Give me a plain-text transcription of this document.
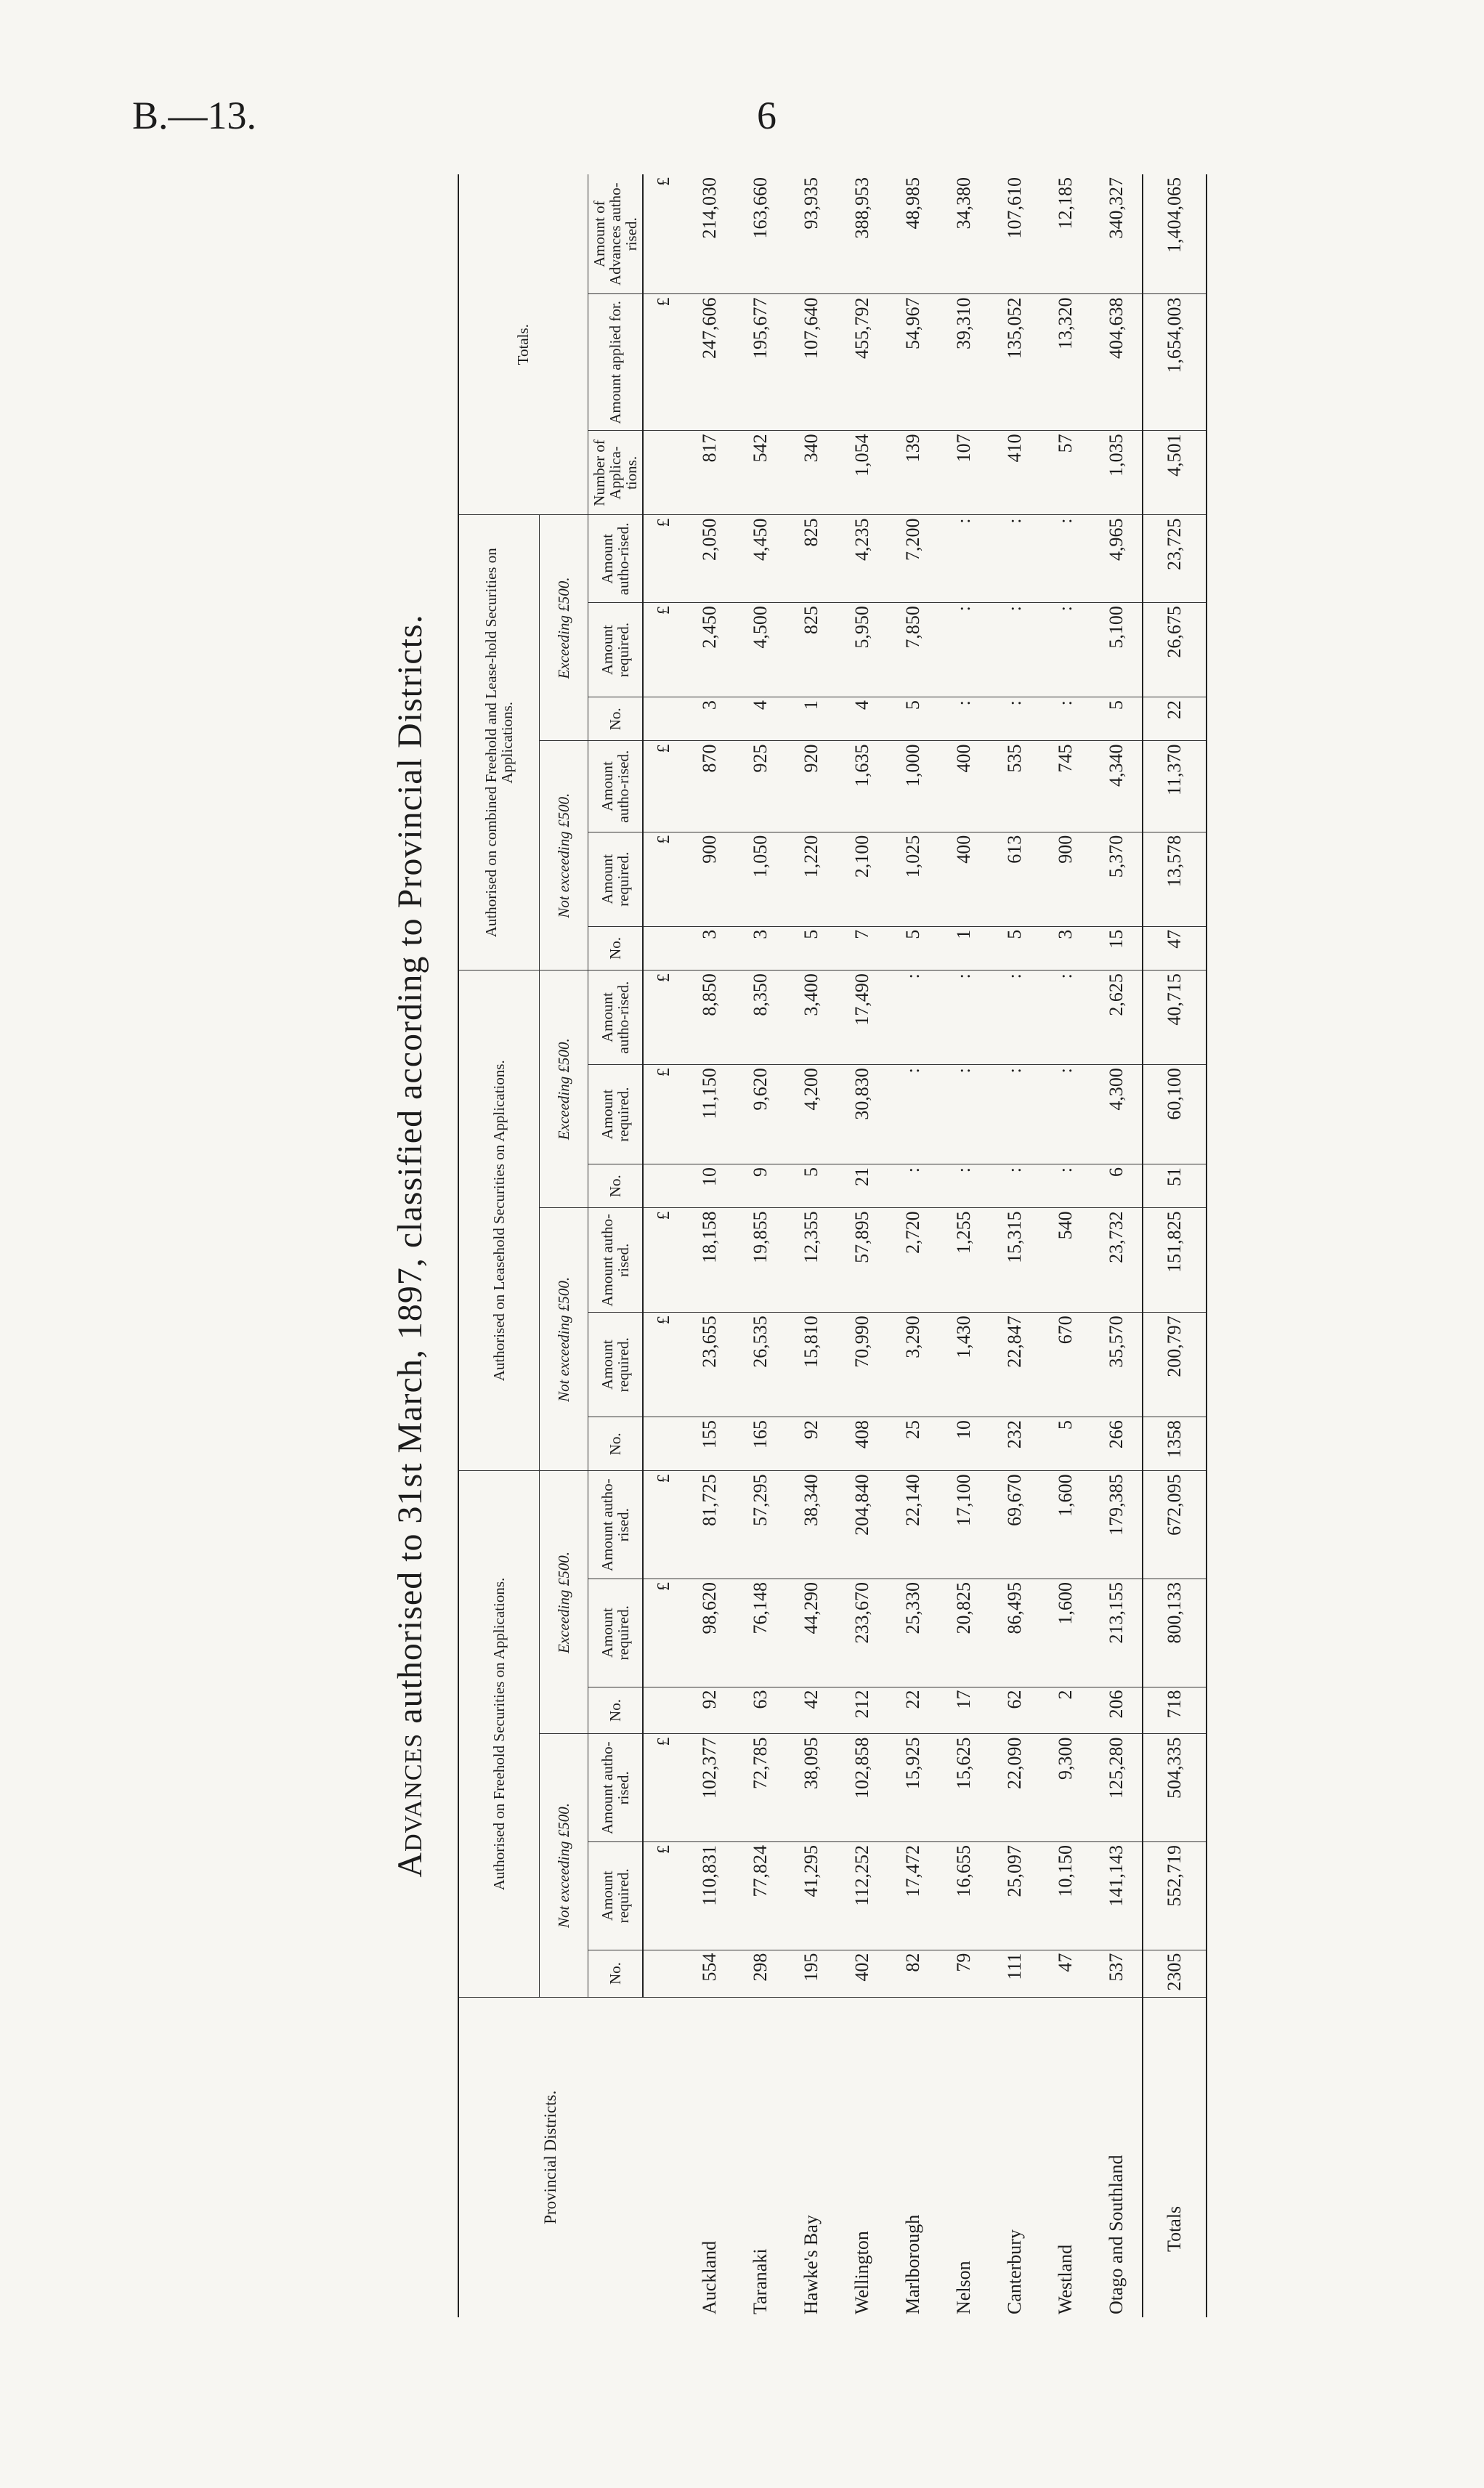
B.—13.	6
Advances authorised to 31st March, 1897, classified according to Provincial Districts.
Provincial Districts.	Authorised on Freehold Securities on Applications.						Authorised on Leasehold Securities on Applications.						Authorised on combined Freehold and Lease-hold Securities on Applications.						Totals.		
	Not exceeding £500.			Exceeding £500.			Not exceeding £500.			Exceeding £500.			Not exceeding £500.			Exceeding £500.					
	No.	Amount required.	Amount autho-rised.	No.	Amount required.	Amount autho-rised.	No.	Amount required.	Amount autho-rised.	No.	Amount required.	Amount autho-rised.	No.	Amount required.	Amount autho-rised.	No.	Amount required.	Amount autho-rised.	Number of Applica-tions.	Amount applied for.	Amount of Advances autho-rised.
		£	£		£	£		£	£		£	£		£	£		£	£		£	£
Auckland	554	110,831	102,377	92	98,620	81,725	155	23,655	18,158	10	11,150	8,850	3	900	870	3	2,450	2,050	817	247,606	214,030
Taranaki	298	77,824	72,785	63	76,148	57,295	165	26,535	19,855	9	9,620	8,350	3	1,050	925	4	4,500	4,450	542	195,677	163,660
Hawke's Bay	195	41,295	38,095	42	44,290	38,340	92	15,810	12,355	5	4,200	3,400	5	1,220	920	1	825	825	340	107,640	93,935
Wellington	402	112,252	102,858	212	233,670	204,840	408	70,990	57,895	21	30,830	17,490	7	2,100	1,635	4	5,950	4,235	1,054	455,792	388,953
Marlborough	82	17,472	15,925	22	25,330	22,140	25	3,290	2,720	:	:	:	5	1,025	1,000	5	7,850	7,200	139	54,967	48,985
Nelson	79	16,655	15,625	17	20,825	17,100	10	1,430	1,255	:	:	:	1	400	400	:	:	:	107	39,310	34,380
Canterbury	111	25,097	22,090	62	86,495	69,670	232	22,847	15,315	:	:	:	5	613	535	:	:	:	410	135,052	107,610
Westland	47	10,150	9,300	2	1,600	1,600	5	670	540	:	:	:	3	900	745	:	:	:	57	13,320	12,185
Otago and Southland	537	141,143	125,280	206	213,155	179,385	266	35,570	23,732	6	4,300	2,625	15	5,370	4,340	5	5,100	4,965	1,035	404,638	340,327
Totals	2305	552,719	504,335	718	800,133	672,095	1358	200,797	151,825	51	60,100	40,715	47	13,578	11,370	22	26,675	23,725	4,501	1,654,003	1,404,065
